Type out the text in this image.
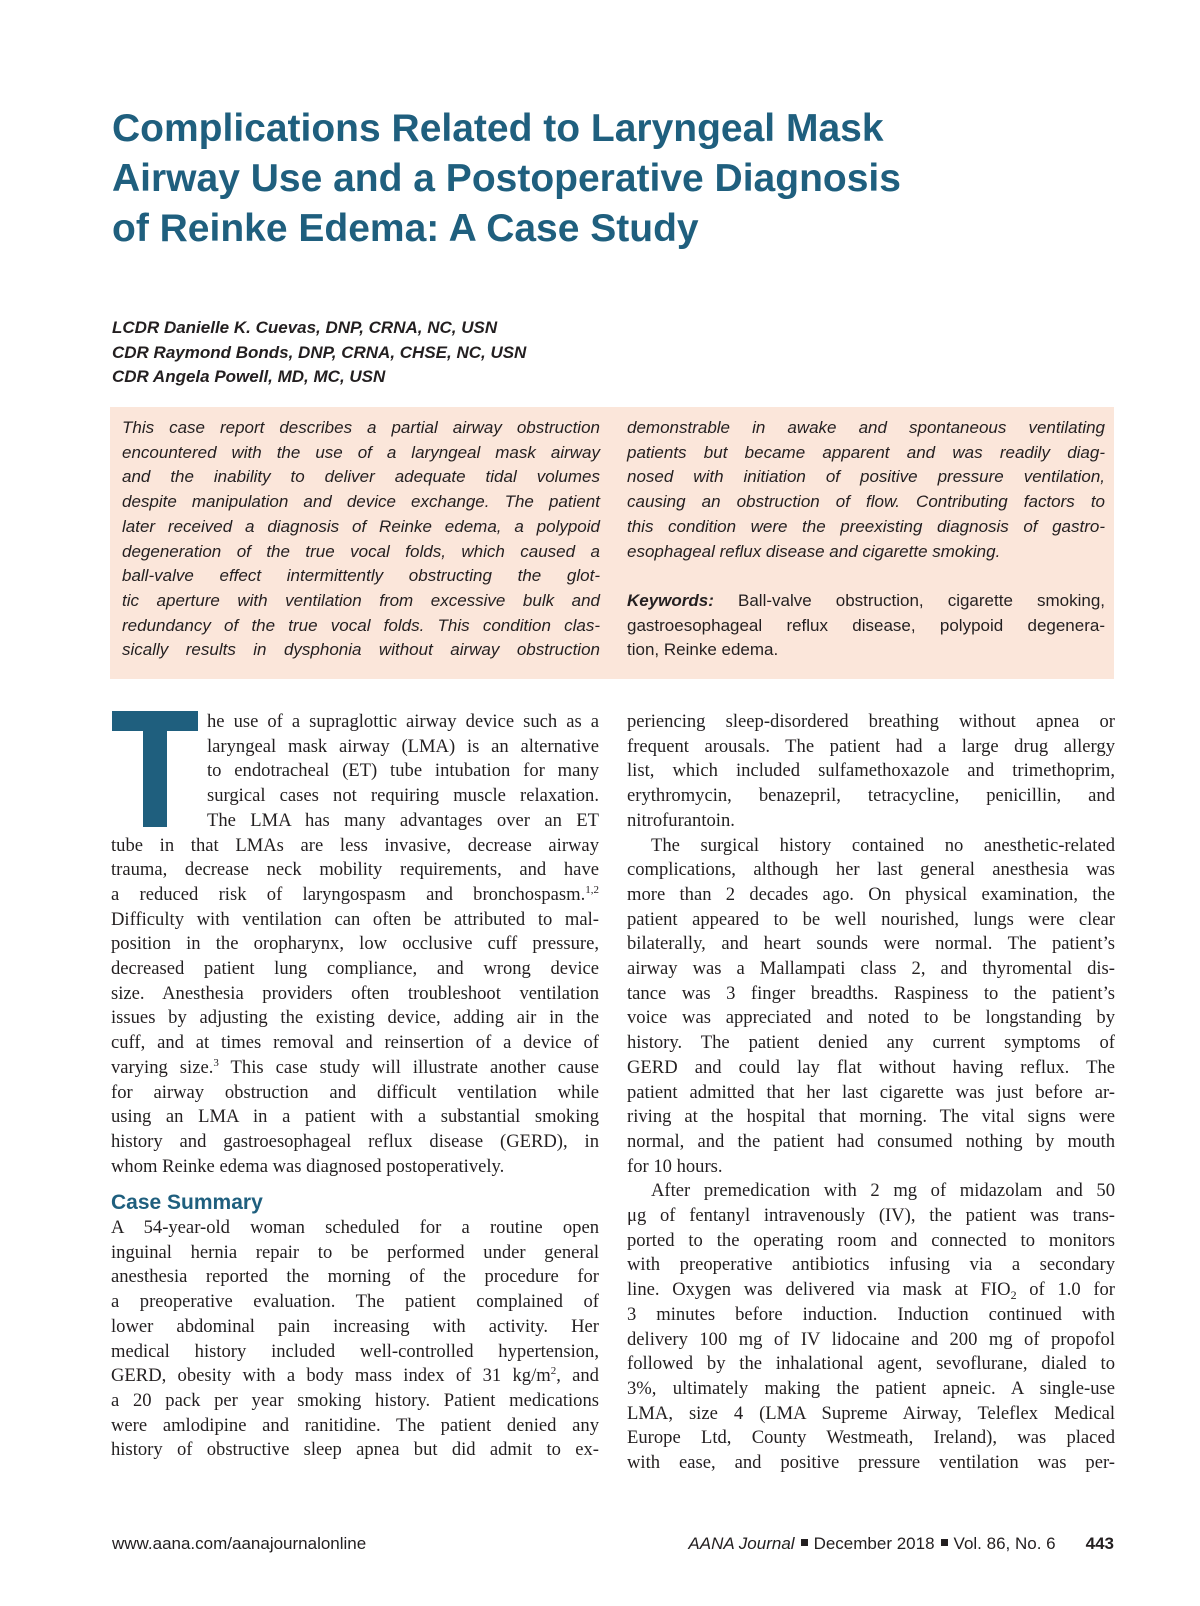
Complications Related to Laryngeal Mask
Airway Use and a Postoperative Diagnosis
of Reinke Edema: A Case Study
LCDR Danielle K. Cuevas, DNP, CRNA, NC, USN
CDR Raymond Bonds, DNP, CRNA, CHSE, NC, USN
CDR Angela Powell, MD, MC, USN
This case report describes a partial airway obstruction
encountered with the use of a laryngeal mask airway
and the inability to deliver adequate tidal volumes
despite manipulation and device exchange. The patient
later received a diagnosis of Reinke edema, a polypoid
degeneration of the true vocal folds, which caused a
ball-valve effect intermittently obstructing the glot-
tic aperture with ventilation from excessive bulk and
redundancy of the true vocal folds. This condition clas-
sically results in dysphonia without airway obstruction
demonstrable in awake and spontaneous ventilating
patients but became apparent and was readily diag-
nosed with initiation of positive pressure ventilation,
causing an obstruction of flow. Contributing factors to
this condition were the preexisting diagnosis of gastro-
esophageal reflux disease and cigarette smoking.
Keywords: Ball-valve obstruction, cigarette smoking,
gastroesophageal reflux disease, polypoid degenera-
tion, Reinke edema.
he use of a supraglottic airway device such as a
laryngeal mask airway (LMA) is an alternative
to endotracheal (ET) tube intubation for many
surgical cases not requiring muscle relaxation.
The LMA has many advantages over an ET
tube in that LMAs are less invasive, decrease airway
trauma, decrease neck mobility requirements, and have
a reduced risk of laryngospasm and bronchospasm.$^{1,2}$
Difficulty with ventilation can often be attributed to mal-
position in the oropharynx, low occlusive cuff pressure,
decreased patient lung compliance, and wrong device
size. Anesthesia providers often troubleshoot ventilation
issues by adjusting the existing device, adding air in the
cuff, and at times removal and reinsertion of a device of
varying size.$^3$ This case study will illustrate another cause
for airway obstruction and difficult ventilation while
using an LMA in a patient with a substantial smoking
history and gastroesophageal reflux disease (GERD), in
whom Reinke edema was diagnosed postoperatively.
Case Summary
A 54-year-old woman scheduled for a routine open
inguinal hernia repair to be performed under general
anesthesia reported the morning of the procedure for
a preoperative evaluation. The patient complained of
lower abdominal pain increasing with activity. Her
medical history included well-controlled hypertension,
GERD, obesity with a body mass index of 31 $kg/m^2$, and
a 20 pack per year smoking history. Patient medications
were amlodipine and ranitidine. The patient denied any
history of obstructive sleep apnea but did admit to ex-
periencing sleep-disordered breathing without apnea or
frequent arousals. The patient had a large drug allergy
list, which included sulfamethoxazole and trimethoprim,
erythromycin, benazepril, tetracycline, penicillin, and
nitrofurantoin.
The surgical history contained no anesthetic-related
complications, although her last general anesthesia was
more than 2 decades ago. On physical examination, the
patient appeared to be well nourished, lungs were clear
bilaterally, and heart sounds were normal. The patient’s
airway was a Mallampati class 2, and thyromental dis-
tance was 3 finger breadths. Raspiness to the patient’s
voice was appreciated and noted to be longstanding by
history. The patient denied any current symptoms of
GERD and could lay flat without having reflux. The
patient admitted that her last cigarette was just before ar-
riving at the hospital that morning. The vital signs were
normal, and the patient had consumed nothing by mouth
for 10 hours.
After premedication with 2 mg of midazolam and 50
μg of fentanyl intravenously (IV), the patient was trans-
ported to the operating room and connected to monitors
with preoperative antibiotics infusing via a secondary
line. Oxygen was delivered via mask at $FIO_2$ of 1.0 for
3 minutes before induction. Induction continued with
delivery 100 mg of IV lidocaine and 200 mg of propofol
followed by the inhalational agent, sevoflurane, dialed to
3%, ultimately making the patient apneic. A single-use
LMA, size 4 (LMA Supreme Airway, Teleflex Medical
Europe Ltd, County Westmeath, Ireland), was placed
with ease, and positive pressure ventilation was per-
www.aana.com/aanajournalonline	AANA Journal December 2018 Vol. 86, No. 6 443
